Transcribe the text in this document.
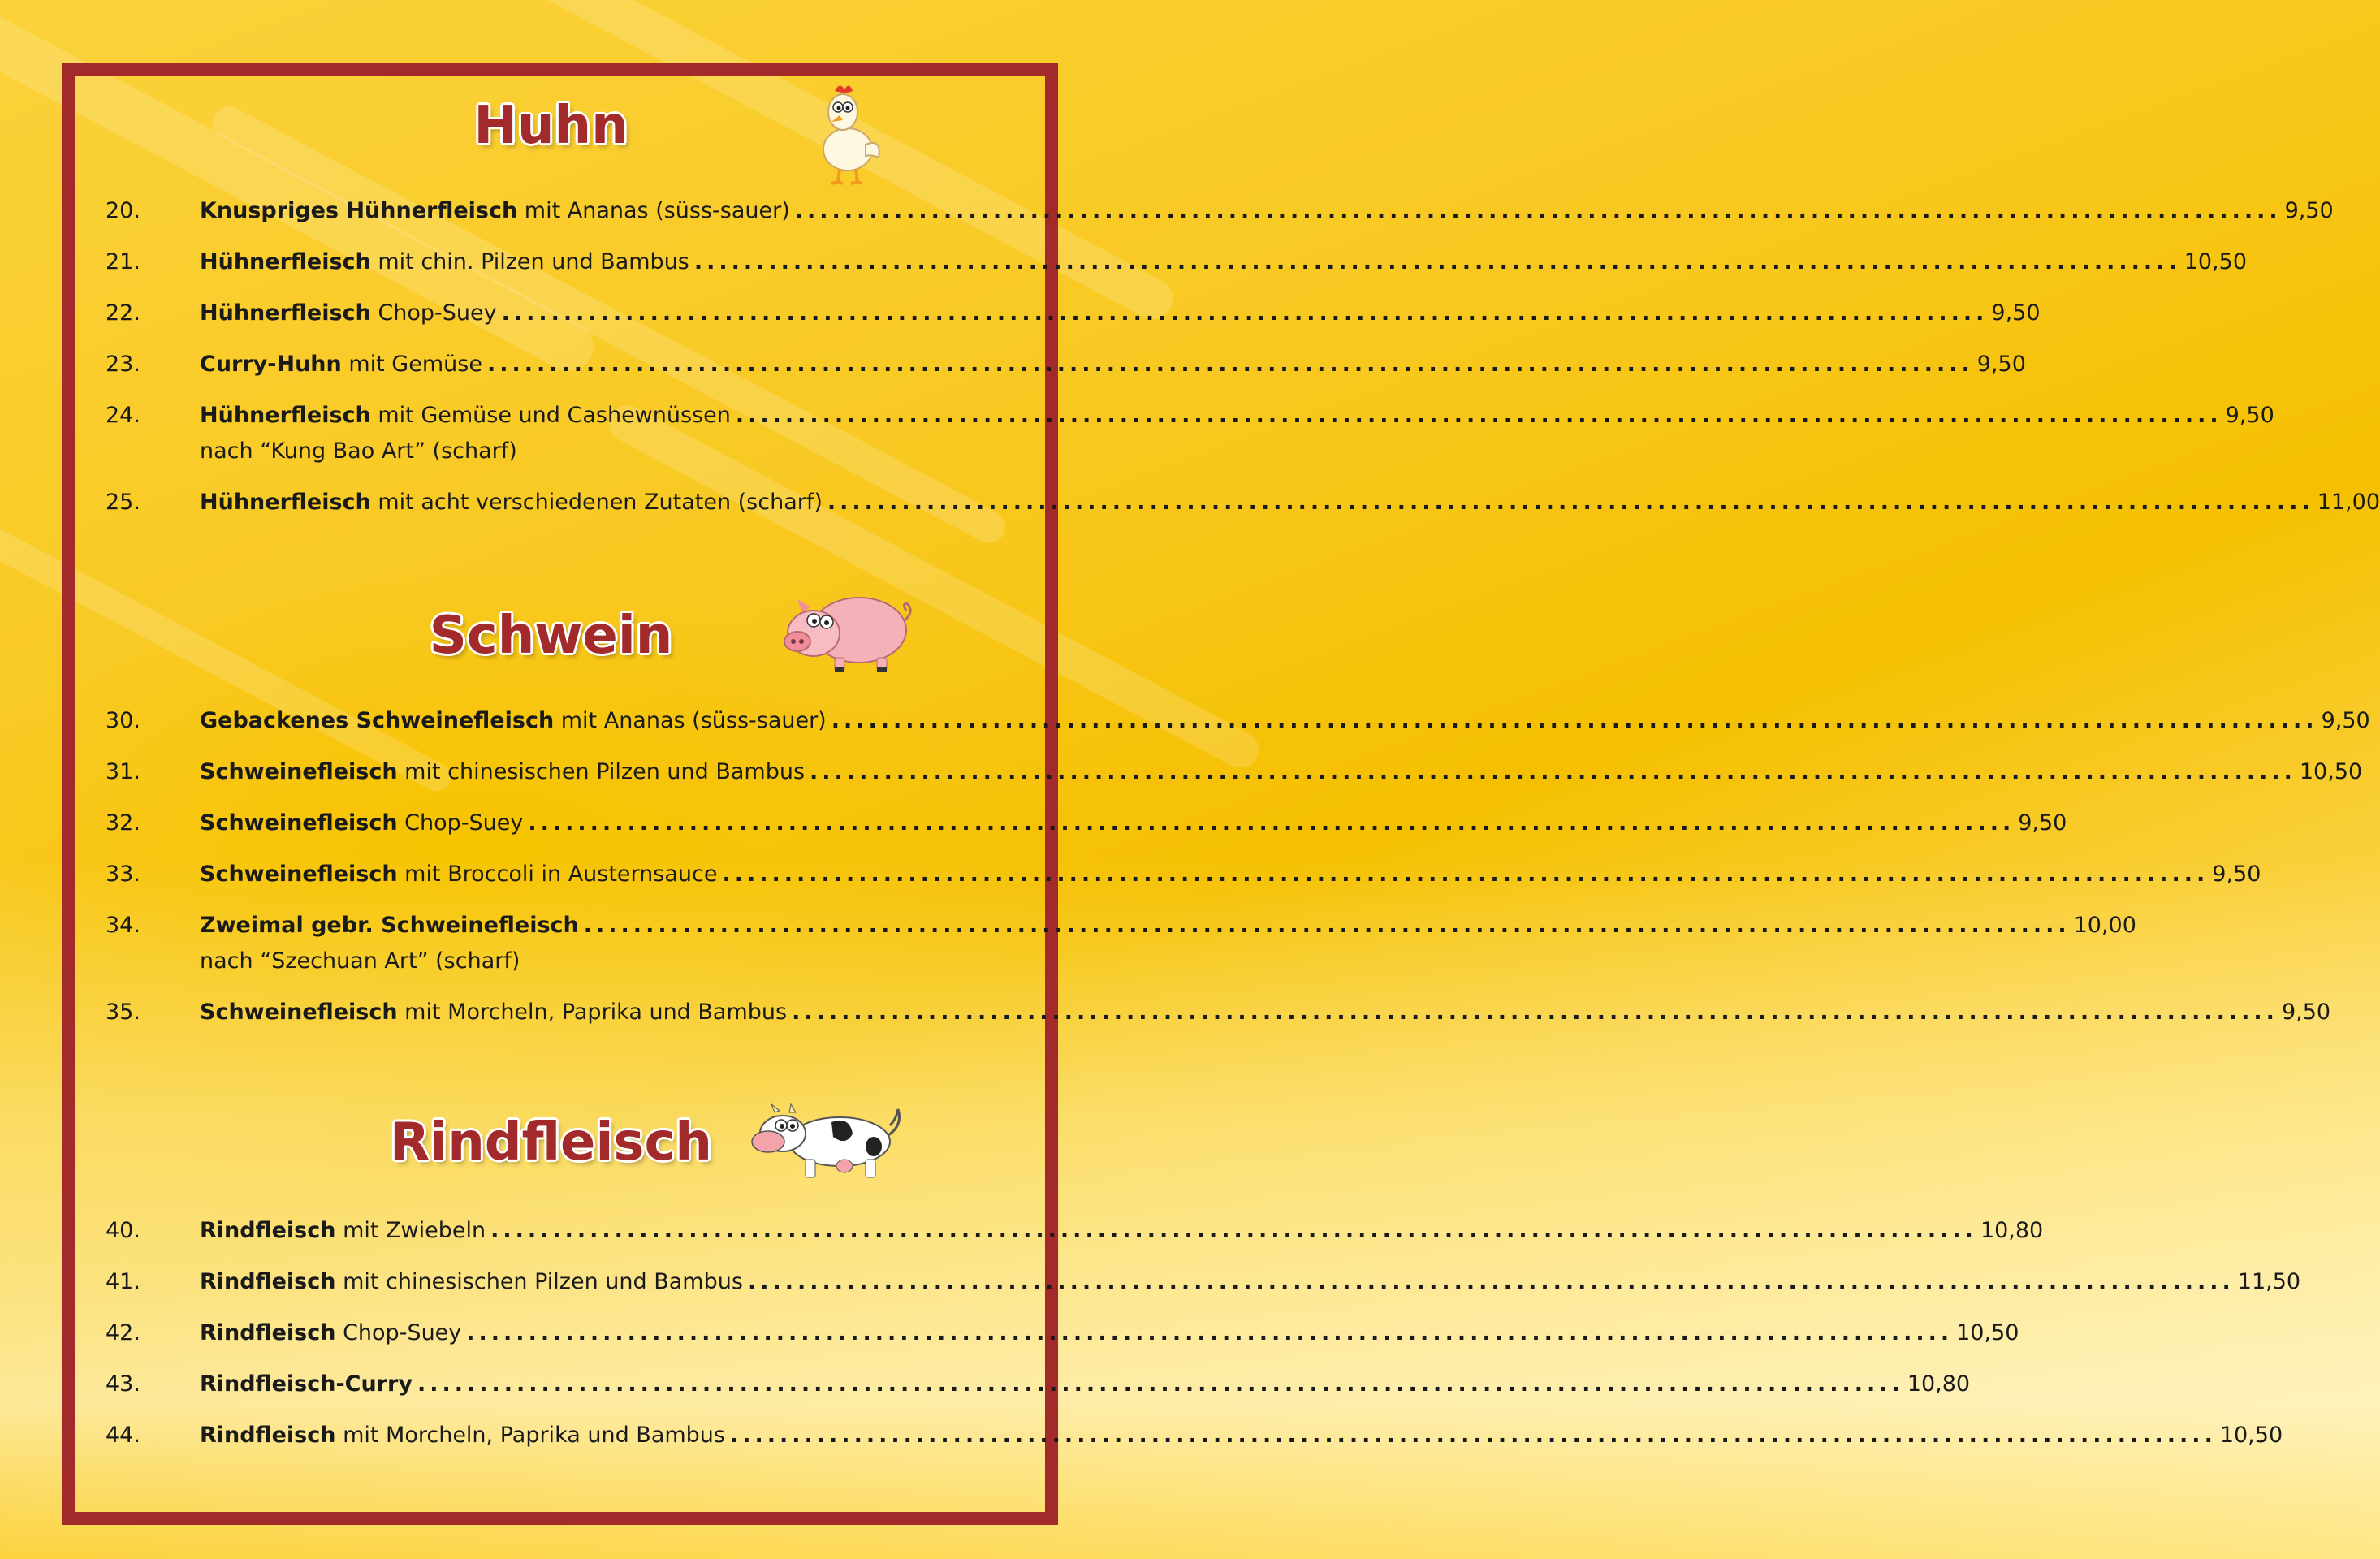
Huhn
20.	Knuspriges Hühnerfleisch mit Ananas (süss-sauer) ........................................................................................................................ 9,50
21.	Hühnerfleisch mit chin. Pilzen und Bambus ........................................................................................................................ 10,50
22.	Hühnerfleisch Chop-Suey ........................................................................................................................ 9,50
23.	Curry-Huhn mit Gemüse ........................................................................................................................ 9,50
24.	Hühnerfleisch mit Gemüse und Cashewnüssen ........................................................................................................................ 9,50
nach “Kung Bao Art” (scharf)
25.	Hühnerfleisch mit acht verschiedenen Zutaten (scharf) ........................................................................................................................ 11,00
Schwein
30.	Gebackenes Schweinefleisch mit Ananas (süss-sauer) ........................................................................................................................ 9,50
31.	Schweinefleisch mit chinesischen Pilzen und Bambus ........................................................................................................................ 10,50
32.	Schweinefleisch Chop-Suey ........................................................................................................................ 9,50
33.	Schweinefleisch mit Broccoli in Austernsauce ........................................................................................................................ 9,50
34.	Zweimal gebr. Schweinefleisch ........................................................................................................................ 10,00
nach “Szechuan Art” (scharf)
35.	Schweinefleisch mit Morcheln, Paprika und Bambus ........................................................................................................................ 9,50
Rindfleisch
40.	Rindfleisch mit Zwiebeln ........................................................................................................................ 10,80
41.	Rindfleisch mit chinesischen Pilzen und Bambus ........................................................................................................................ 11,50
42.	Rindfleisch Chop-Suey ........................................................................................................................ 10,50
43.	Rindfleisch-Curry ........................................................................................................................ 10,80
44.	Rindfleisch mit Morcheln, Paprika und Bambus ........................................................................................................................ 10,50
